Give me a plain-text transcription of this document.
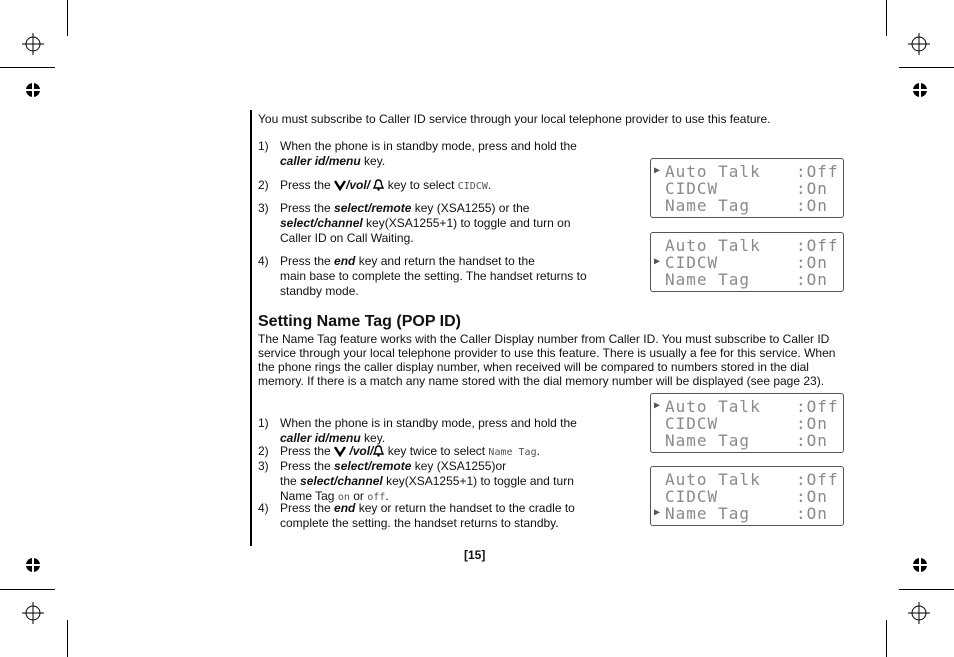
You must subscribe to Caller ID service through your local telephone provider to use this feature.
1) When the phone is in standby mode, press and hold the
caller id/menu key.
2) Press the /vol/  key to select CIDCW.
3) Press the select/remote key (XSA1255) or the
select/channel key(XSA1255+1) to toggle and turn on Caller ID on Call Waiting.
4) Press the end key and return the handset to the
main base to complete the setting. The handset returns to standby mode.
Setting Name Tag (POP ID)
The Name Tag feature works with the Caller Display number from Caller ID. You must subscribe to Caller ID service through your local telephone provider to use this feature. There is usually a fee for this service. When the phone rings the caller display number, when received will be compared to numbers stored in the dial memory. If there is a match any name stored with the dial memory number will be displayed (see page 23).
1) When the phone is in standby mode, press and hold the
caller id/menu key.
2) Press the  /vol/ key twice to select Name Tag.
3) Press the select/remote key (XSA1255)or
the select/channel key(XSA1255+1) to toggle and turn
Name Tag on or off.
4) Press the end key or return the handset to the cradle to complete the setting. the handset returns to standby.
▶ Auto Talk :Off
CIDCW	:On
Name Tag	:On
▶
Auto Talk :Off
CIDCW	:On
Name Tag	:On
▶ Auto Talk :Off
CIDCW	:On
Name Tag	:On
▶
Auto Talk :Off
CIDCW	:On
Name Tag	:On
[15]
